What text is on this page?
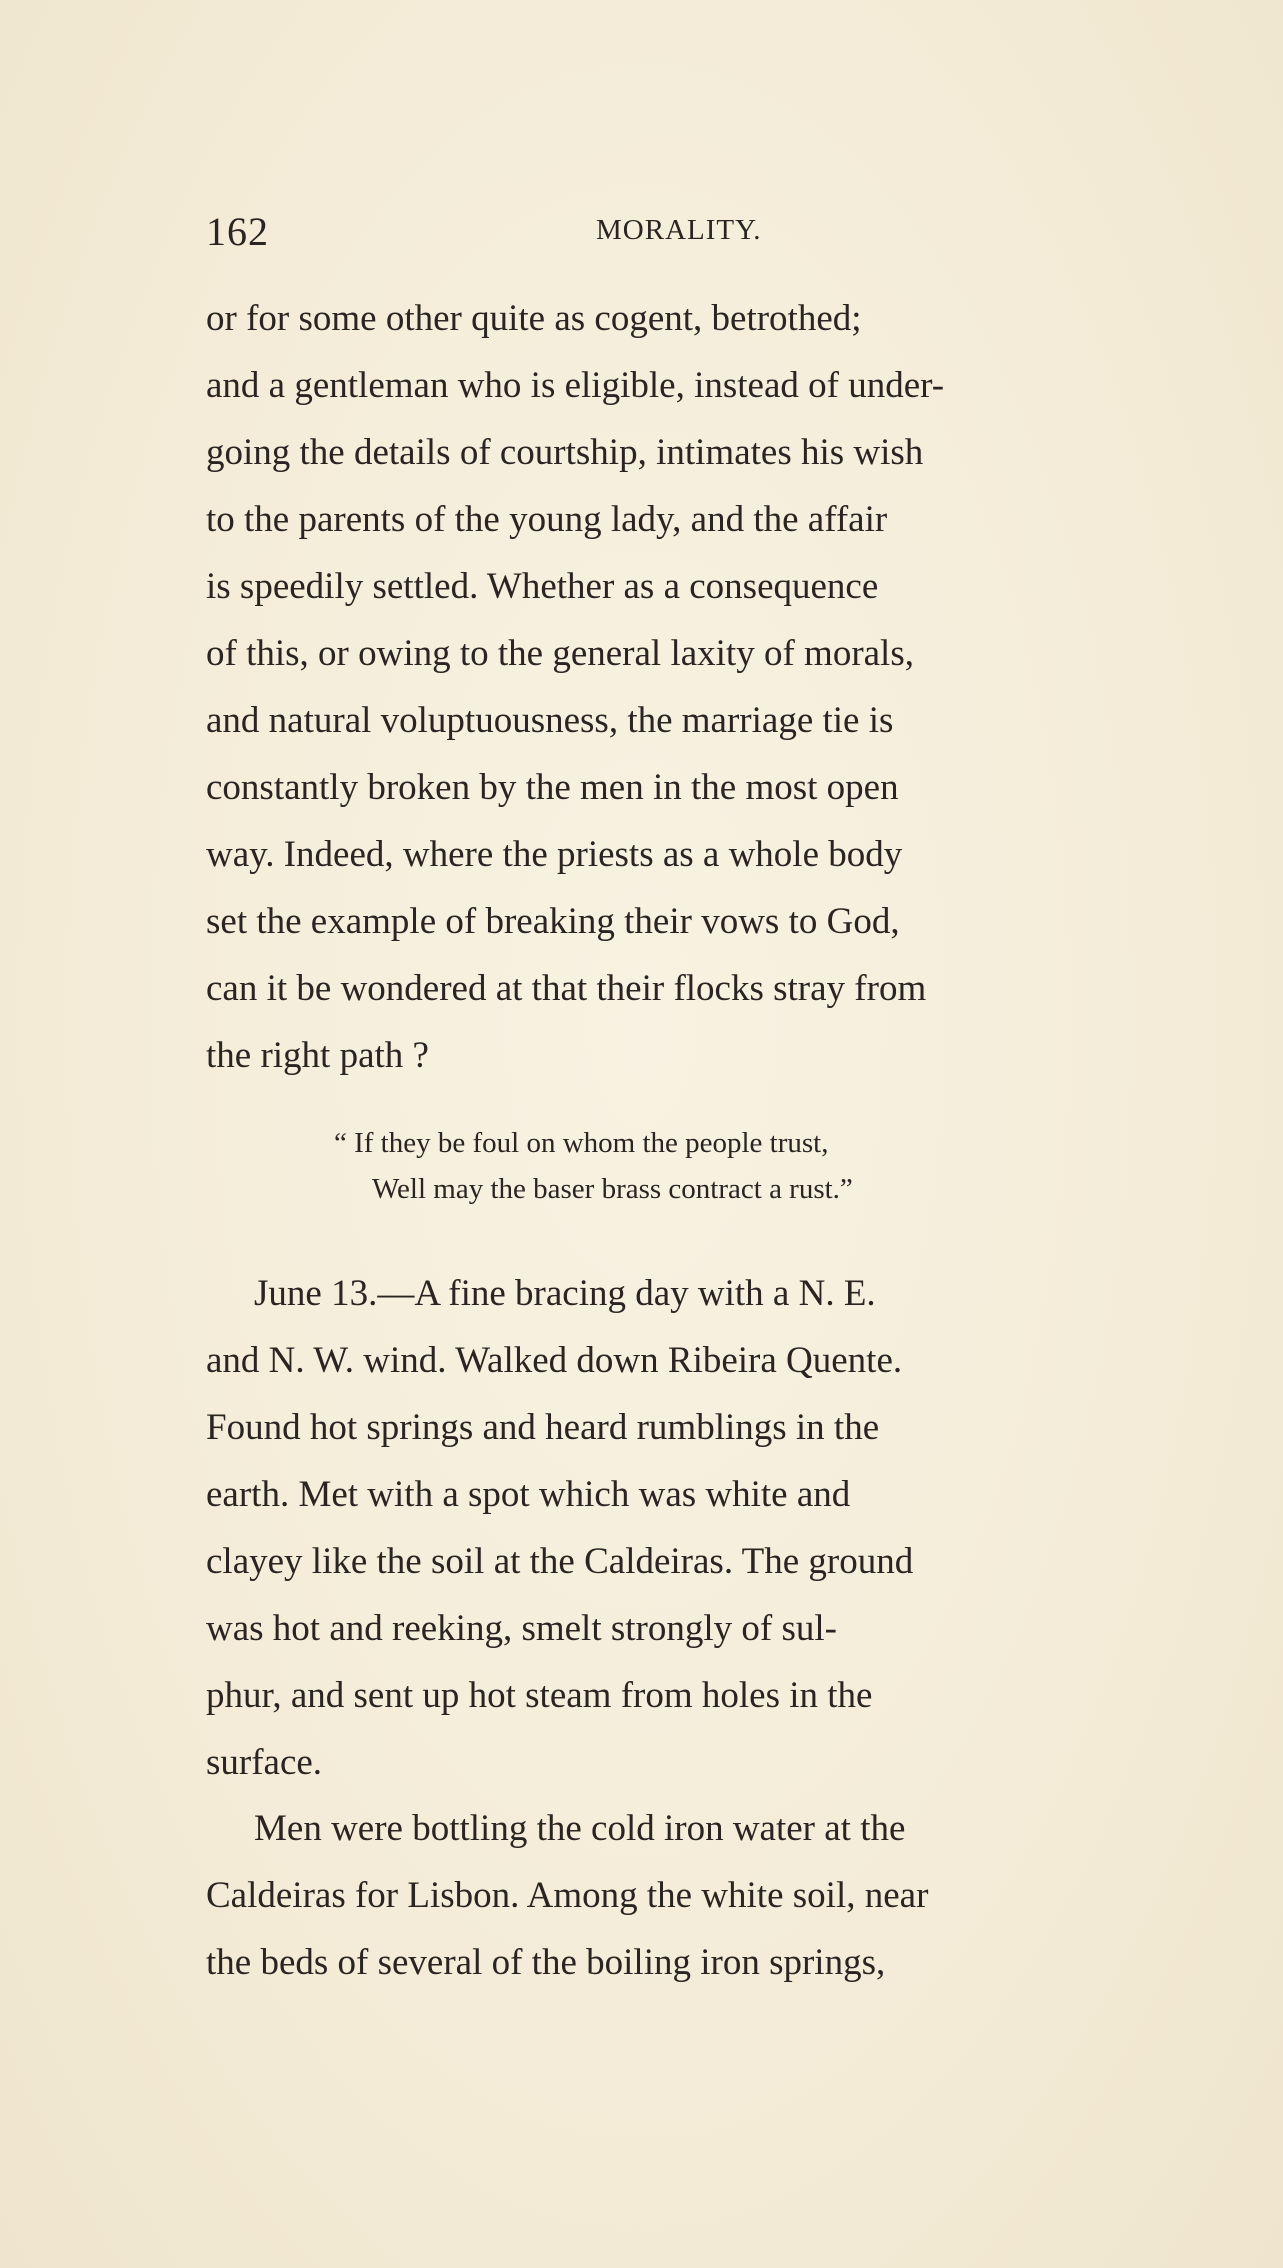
162	MORALITY.
or for some other quite as cogent, betrothed;
and a gentleman who is eligible, instead of under-
going the details of courtship, intimates his wish
to the parents of the young lady, and the affair
is speedily settled. Whether as a consequence
of this, or owing to the general laxity of morals,
and natural voluptuousness, the marriage tie is
constantly broken by the men in the most open
way. Indeed, where the priests as a whole body
set the example of breaking their vows to God,
can it be wondered at that their flocks stray from
the right path ?
“ If they be foul on whom the people trust,
Well may the baser brass contract a rust.”
June 13.—A fine bracing day with a N. E.
and N. W. wind. Walked down Ribeira Quente.
Found hot springs and heard rumblings in the
earth. Met with a spot which was white and
clayey like the soil at the Caldeiras. The ground
was hot and reeking, smelt strongly of sul-
phur, and sent up hot steam from holes in the
surface.
Men were bottling the cold iron water at the
Caldeiras for Lisbon. Among the white soil, near
the beds of several of the boiling iron springs,
